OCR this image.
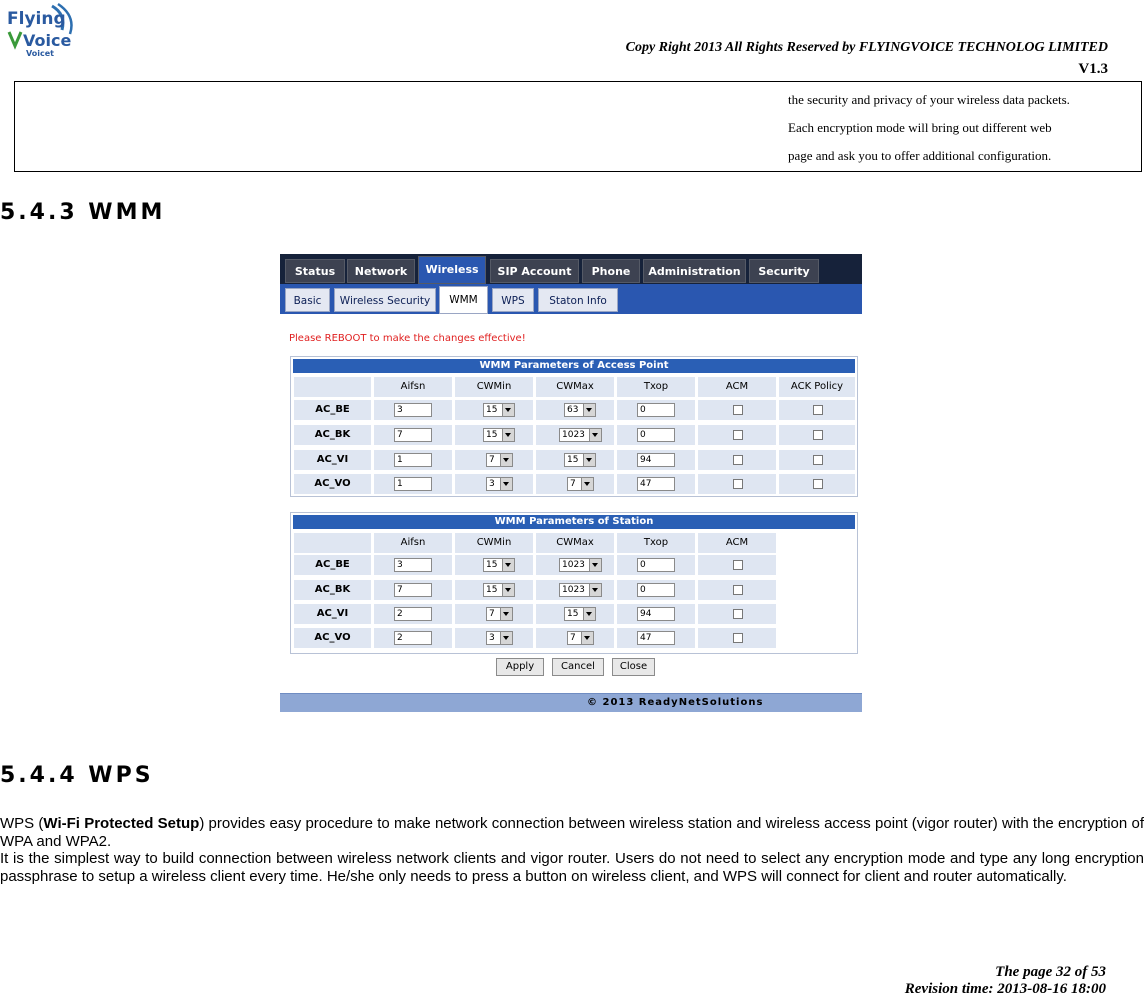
Flying
Voice
Voicet	Copy Right 2013 All Rights Reserved by FLYINGVOICE TECHNOLOG LIMITED
V1.3
the security and privacy of your wireless data packets.
Each encryption mode will bring out different web
page and ask you to offer additional configuration.
5.4.3 WMM
Status	Network	Wireless	SIP Account	Phone	Administration	Security
Basic	Wireless Security	WMM	WPS	Staton Info
Please REBOOT to make the changes effective!
WMM Parameters of Access Point
Aifsn	CWMin	CWMax	Txop	ACM	ACK Policy
AC_BE	3	15	63	0
AC_BK	7	15	1023	0
AC_VI	1	7	15	94
AC_VO	1	3	7	47
WMM Parameters of Station
Aifsn	CWMin	CWMax	Txop	ACM
AC_BE	3	15	1023	0
AC_BK	7	15	1023	0
AC_VI	2	7	15	94
AC_VO	2	3	7	47
Apply	Cancel	Close
© 2013 ReadyNetSolutions
5.4.4 WPS

WPS (Wi-Fi Protected Setup) provides easy procedure to make network connection between wireless station and wireless access point (vigor router) with the encryption of WPA and WPA2.

It is the simplest way to build connection between wireless network clients and vigor router. Users do not need to select any encryption mode and type any long encryption passphrase to setup a wireless client every time. He/she only needs to press a button on wireless client, and WPS will connect for client and router automatically.

The page 32 of 53
Revision time: 2013-08-16 18:00
